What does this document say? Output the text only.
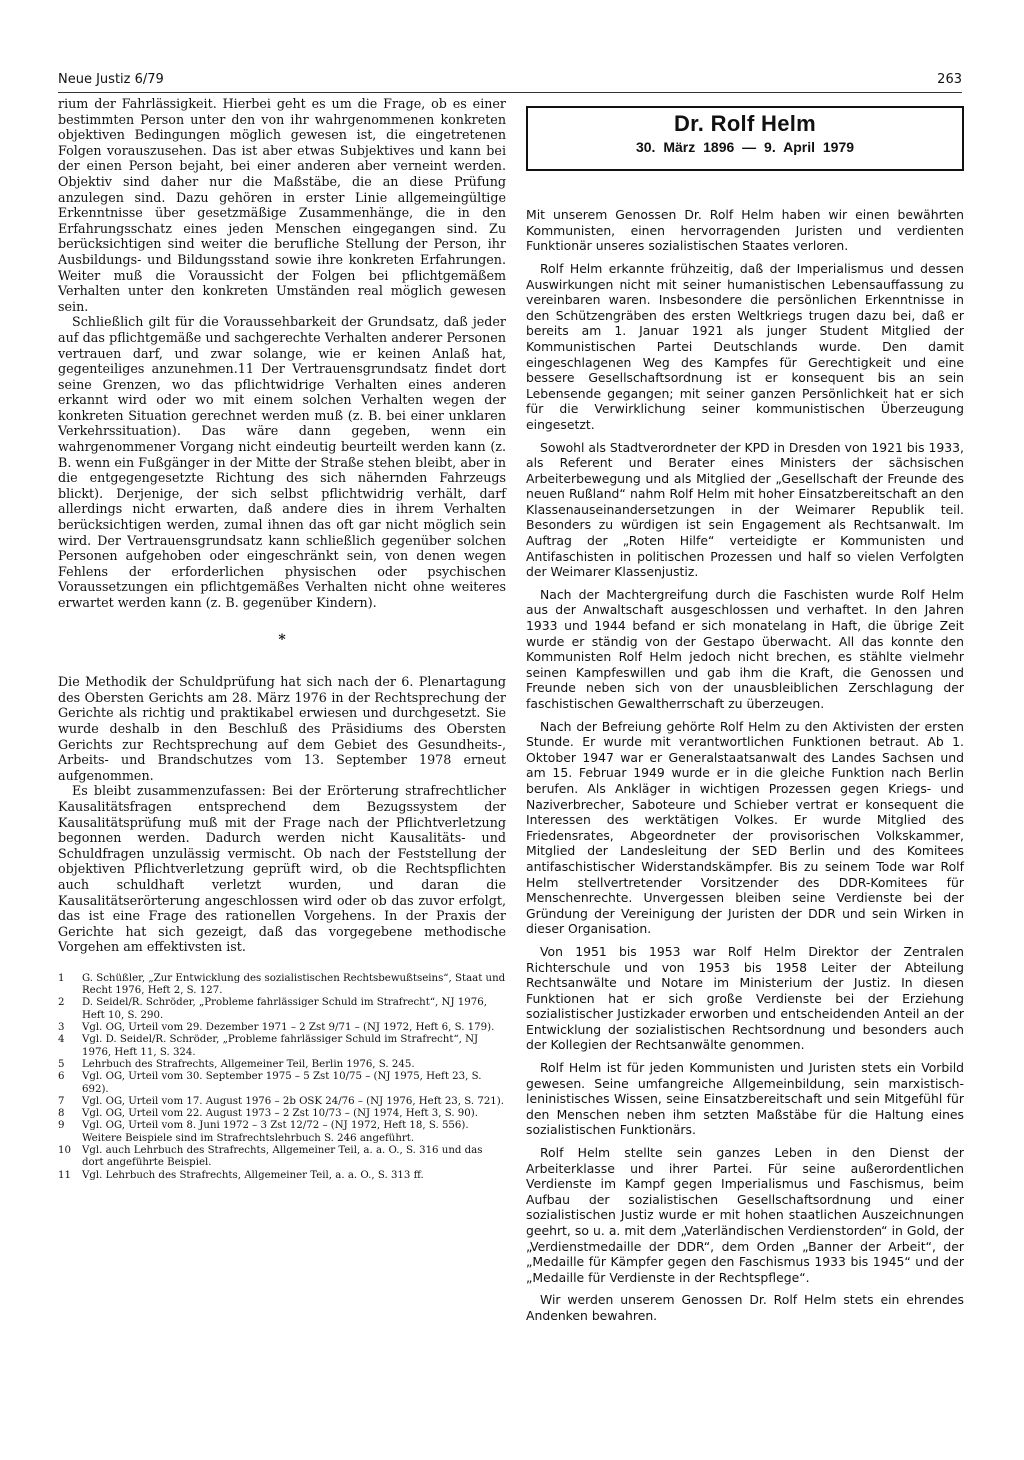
Neue Justiz 6/79	263

rium der Fahrlässigkeit. Hierbei geht es um die Frage, ob es einer bestimmten Person unter den von ihr wahrgenommenen konkreten objektiven Bedingungen möglich gewesen ist, die eingetretenen Folgen vorauszusehen. Das ist aber etwas Subjektives und kann bei der einen Person bejaht, bei einer anderen aber verneint werden. Objektiv sind daher nur die Maßstäbe, die an diese Prüfung anzulegen sind. Dazu gehören in erster Linie allgemeingültige Erkenntnisse über gesetzmäßige Zusammenhänge, die in den Erfahrungsschatz eines jeden Menschen eingegangen sind. Zu berücksichtigen sind weiter die berufliche Stellung der Person, ihr Ausbildungs- und Bildungsstand sowie ihre konkreten Erfahrungen. Weiter muß die Voraussicht der Folgen bei pflichtgemäßem Verhalten unter den konkreten Umständen real möglich gewesen sein.

Schließlich gilt für die Voraussehbarkeit der Grundsatz, daß jeder auf das pflichtgemäße und sachgerechte Verhalten anderer Personen vertrauen darf, und zwar solange, wie er keinen Anlaß hat, gegenteiliges anzunehmen.11 Der Vertrauensgrundsatz findet dort seine Grenzen, wo das pflichtwidrige Verhalten eines anderen erkannt wird oder wo mit einem solchen Verhalten wegen der konkreten Situation gerechnet werden muß (z. B. bei einer unklaren Verkehrssituation). Das wäre dann gegeben, wenn ein wahrgenommener Vorgang nicht eindeutig beurteilt werden kann (z. B. wenn ein Fußgänger in der Mitte der Straße stehen bleibt, aber in die entgegengesetzte Richtung des sich nähernden Fahrzeugs blickt). Derjenige, der sich selbst pflichtwidrig verhält, darf allerdings nicht erwarten, daß andere dies in ihrem Verhalten berücksichtigen werden, zumal ihnen das oft gar nicht möglich sein wird. Der Vertrauensgrundsatz kann schließlich gegenüber solchen Personen aufgehoben oder eingeschränkt sein, von denen wegen Fehlens der erforderlichen physischen oder psychischen Voraussetzungen ein pflichtgemäßes Verhalten nicht ohne weiteres erwartet werden kann (z. B. gegenüber Kindern).

*

Die Methodik der Schuldprüfung hat sich nach der 6. Plenartagung des Obersten Gerichts am 28. März 1976 in der Rechtsprechung der Gerichte als richtig und praktikabel erwiesen und durchgesetzt. Sie wurde deshalb in den Beschluß des Präsidiums des Obersten Gerichts zur Rechtsprechung auf dem Gebiet des Gesundheits-, Arbeits- und Brandschutzes vom 13. September 1978 erneut aufgenommen.

Es bleibt zusammenzufassen: Bei der Erörterung strafrechtlicher Kausalitätsfragen entsprechend dem Bezugssystem der Kausalitätsprüfung muß mit der Frage nach der Pflichtverletzung begonnen werden. Dadurch werden nicht Kausalitäts- und Schuldfragen unzulässig vermischt. Ob nach der Feststellung der objektiven Pflichtverletzung geprüft wird, ob die Rechtspflichten auch schuldhaft verletzt wurden, und daran die Kausalitätserörterung angeschlossen wird oder ob das zuvor erfolgt, das ist eine Frage des rationellen Vorgehens. In der Praxis der Gerichte hat sich gezeigt, daß das vorgegebene methodische Vorgehen am effektivsten ist.

1	G. Schüßler, „Zur Entwicklung des sozialistischen Rechtsbewußtseins“, Staat und Recht 1976, Heft 2, S. 127.
2	D. Seidel/R. Schröder, „Probleme fahrlässiger Schuld im Strafrecht“, NJ 1976, Heft 10, S. 290.
3	Vgl. OG, Urteil vom 29. Dezember 1971 – 2 Zst 9/71 – (NJ 1972, Heft 6, S. 179).
4	Vgl. D. Seidel/R. Schröder, „Probleme fahrlässiger Schuld im Strafrecht“, NJ 1976, Heft 11, S. 324.
5	Lehrbuch des Strafrechts, Allgemeiner Teil, Berlin 1976, S. 245.
6	Vgl. OG, Urteil vom 30. September 1975 – 5 Zst 10/75 – (NJ 1975, Heft 23, S. 692).
7	Vgl. OG, Urteil vom 17. August 1976 – 2b OSK 24/76 – (NJ 1976, Heft 23, S. 721).
8	Vgl. OG, Urteil vom 22. August 1973 – 2 Zst 10/73 – (NJ 1974, Heft 3, S. 90).
9	Vgl. OG, Urteil vom 8. Juni 1972 – 3 Zst 12/72 – (NJ 1972, Heft 18, S. 556). Weitere Beispiele sind im Strafrechtslehrbuch S. 246 angeführt.
10	Vgl. auch Lehrbuch des Strafrechts, Allgemeiner Teil, a. a. O., S. 316 und das dort angeführte Beispiel.
11	Vgl. Lehrbuch des Strafrechts, Allgemeiner Teil, a. a. O., S. 313 ff.
Dr. Rolf Helm
30. März 1896 — 9. April 1979

Mit unserem Genossen Dr. Rolf Helm haben wir einen bewährten Kommunisten, einen hervorragenden Juristen und verdienten Funktionär unseres sozialistischen Staates verloren.

Rolf Helm erkannte frühzeitig, daß der Imperialismus und dessen Auswirkungen nicht mit seiner humanistischen Lebensauffassung zu vereinbaren waren. Insbesondere die persönlichen Erkenntnisse in den Schützengräben des ersten Weltkriegs trugen dazu bei, daß er bereits am 1. Januar 1921 als junger Student Mitglied der Kommunistischen Partei Deutschlands wurde. Den damit eingeschlagenen Weg des Kampfes für Gerechtigkeit und eine bessere Gesellschaftsordnung ist er konsequent bis an sein Lebensende gegangen; mit seiner ganzen Persönlichkeit hat er sich für die Verwirklichung seiner kommunistischen Überzeugung eingesetzt.

Sowohl als Stadtverordneter der KPD in Dresden von 1921 bis 1933, als Referent und Berater eines Ministers der sächsischen Arbeiterbewegung und als Mitglied der „Gesellschaft der Freunde des neuen Rußland“ nahm Rolf Helm mit hoher Einsatzbereitschaft an den Klassenauseinandersetzungen in der Weimarer Republik teil. Besonders zu würdigen ist sein Engagement als Rechtsanwalt. Im Auftrag der „Roten Hilfe“ verteidigte er Kommunisten und Antifaschisten in politischen Prozessen und half so vielen Verfolgten der Weimarer Klassenjustiz.

Nach der Machtergreifung durch die Faschisten wurde Rolf Helm aus der Anwaltschaft ausgeschlossen und verhaftet. In den Jahren 1933 und 1944 befand er sich monatelang in Haft, die übrige Zeit wurde er ständig von der Gestapo überwacht. All das konnte den Kommunisten Rolf Helm jedoch nicht brechen, es stählte vielmehr seinen Kampfeswillen und gab ihm die Kraft, die Genossen und Freunde neben sich von der unausbleiblichen Zerschlagung der faschistischen Gewaltherrschaft zu überzeugen.

Nach der Befreiung gehörte Rolf Helm zu den Aktivisten der ersten Stunde. Er wurde mit verantwortlichen Funktionen betraut. Ab 1. Oktober 1947 war er Generalstaatsanwalt des Landes Sachsen und am 15. Februar 1949 wurde er in die gleiche Funktion nach Berlin berufen. Als Ankläger in wichtigen Prozessen gegen Kriegs- und Naziverbrecher, Saboteure und Schieber vertrat er konsequent die Interessen des werktätigen Volkes. Er wurde Mitglied des Friedensrates, Abgeordneter der provisorischen Volkskammer, Mitglied der Landesleitung der SED Berlin und des Komitees antifaschistischer Widerstandskämpfer. Bis zu seinem Tode war Rolf Helm stellvertretender Vorsitzender des DDR-Komitees für Menschenrechte. Unvergessen bleiben seine Verdienste bei der Gründung der Vereinigung der Juristen der DDR und sein Wirken in dieser Organisation.

Von 1951 bis 1953 war Rolf Helm Direktor der Zentralen Richterschule und von 1953 bis 1958 Leiter der Abteilung Rechtsanwälte und Notare im Ministerium der Justiz. In diesen Funktionen hat er sich große Verdienste bei der Erziehung sozialistischer Justizkader erworben und entscheidenden Anteil an der Entwicklung der sozialistischen Rechtsordnung und besonders auch der Kollegien der Rechtsanwälte genommen.

Rolf Helm ist für jeden Kommunisten und Juristen stets ein Vorbild gewesen. Seine umfangreiche Allgemeinbildung, sein marxistisch-leninistisches Wissen, seine Einsatzbereitschaft und sein Mitgefühl für den Menschen neben ihm setzten Maßstäbe für die Haltung eines sozialistischen Funktionärs.

Rolf Helm stellte sein ganzes Leben in den Dienst der Arbeiterklasse und ihrer Partei. Für seine außerordentlichen Verdienste im Kampf gegen Imperialismus und Faschismus, beim Aufbau der sozialistischen Gesellschaftsordnung und einer sozialistischen Justiz wurde er mit hohen staatlichen Auszeichnungen geehrt, so u. a. mit dem „Vaterländischen Verdienstorden“ in Gold, der „Verdienstmedaille der DDR“, dem Orden „Banner der Arbeit“, der „Medaille für Kämpfer gegen den Faschismus 1933 bis 1945“ und der „Medaille für Verdienste in der Rechtspflege“.

Wir werden unserem Genossen Dr. Rolf Helm stets ein ehrendes Andenken bewahren.
